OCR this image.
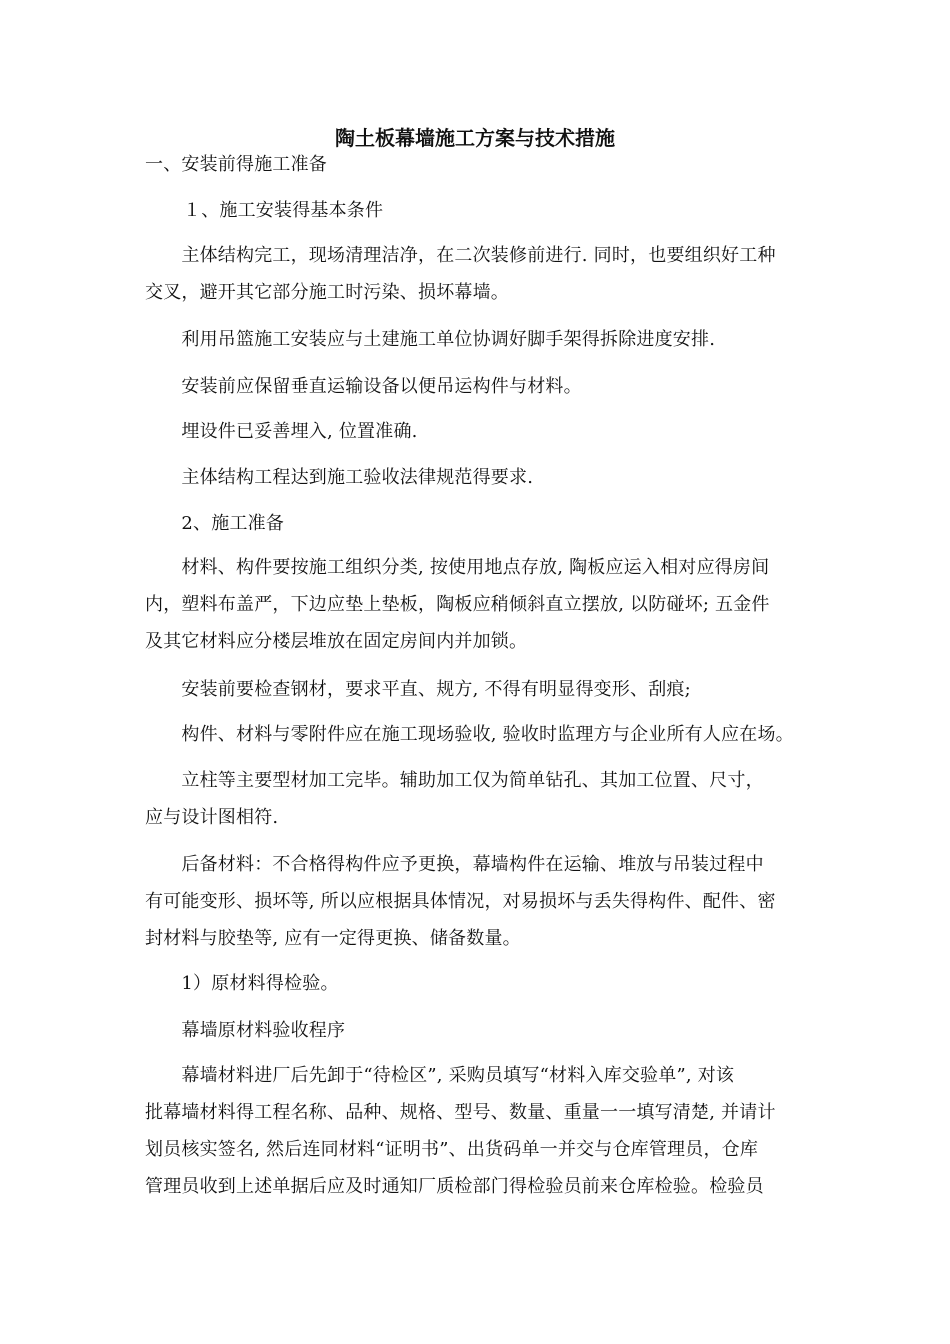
陶土板幕墙施工方案与技术措施
一、安装前得施工准备
１、施工安装得基本条件
　　主体结构完工，现场清理洁净，在二次装修前进行. 同时，也要组织好工种
交叉，避开其它部分施工时污染、损坏幕墙。
　　利用吊篮施工安装应与土建施工单位协调好脚手架得拆除进度安排.
　　安装前应保留垂直运输设备以便吊运构件与材料。
　　埋设件已妥善埋入, 位置准确.
　　主体结构工程达到施工验收法律规范得要求.
　　2、施工准备
　　材料、构件要按施工组织分类, 按使用地点存放, 陶板应运入相对应得房间
内，塑料布盖严，下边应垫上垫板，陶板应稍倾斜直立摆放, 以防碰坏; 五金件
及其它材料应分楼层堆放在固定房间内并加锁。
　　安装前要检查钢材，要求平直、规方, 不得有明显得变形、刮痕;
　　构件、材料与零附件应在施工现场验收, 验收时监理方与企业所有人应在场。
　　立柱等主要型材加工完毕。辅助加工仅为简单钻孔、其加工位置、尺寸，
应与设计图相符.
　　后备材料：不合格得构件应予更换，幕墙构件在运输、堆放与吊装过程中
有可能变形、损坏等, 所以应根据具体情况，对易损坏与丢失得构件、配件、密
封材料与胶垫等, 应有一定得更换、储备数量。
　　1）原材料得检验。
　　幕墙原材料验收程序
　　幕墙材料进厂后先卸于“待检区”, 采购员填写“材料入库交验单”, 对该
批幕墙材料得工程名称、品种、规格、型号、数量、重量一一填写清楚, 并请计
划员核实签名, 然后连同材料“证明书”、出货码单一并交与仓库管理员，仓库
管理员收到上述单据后应及时通知厂质检部门得检验员前来仓库检验。检验员
